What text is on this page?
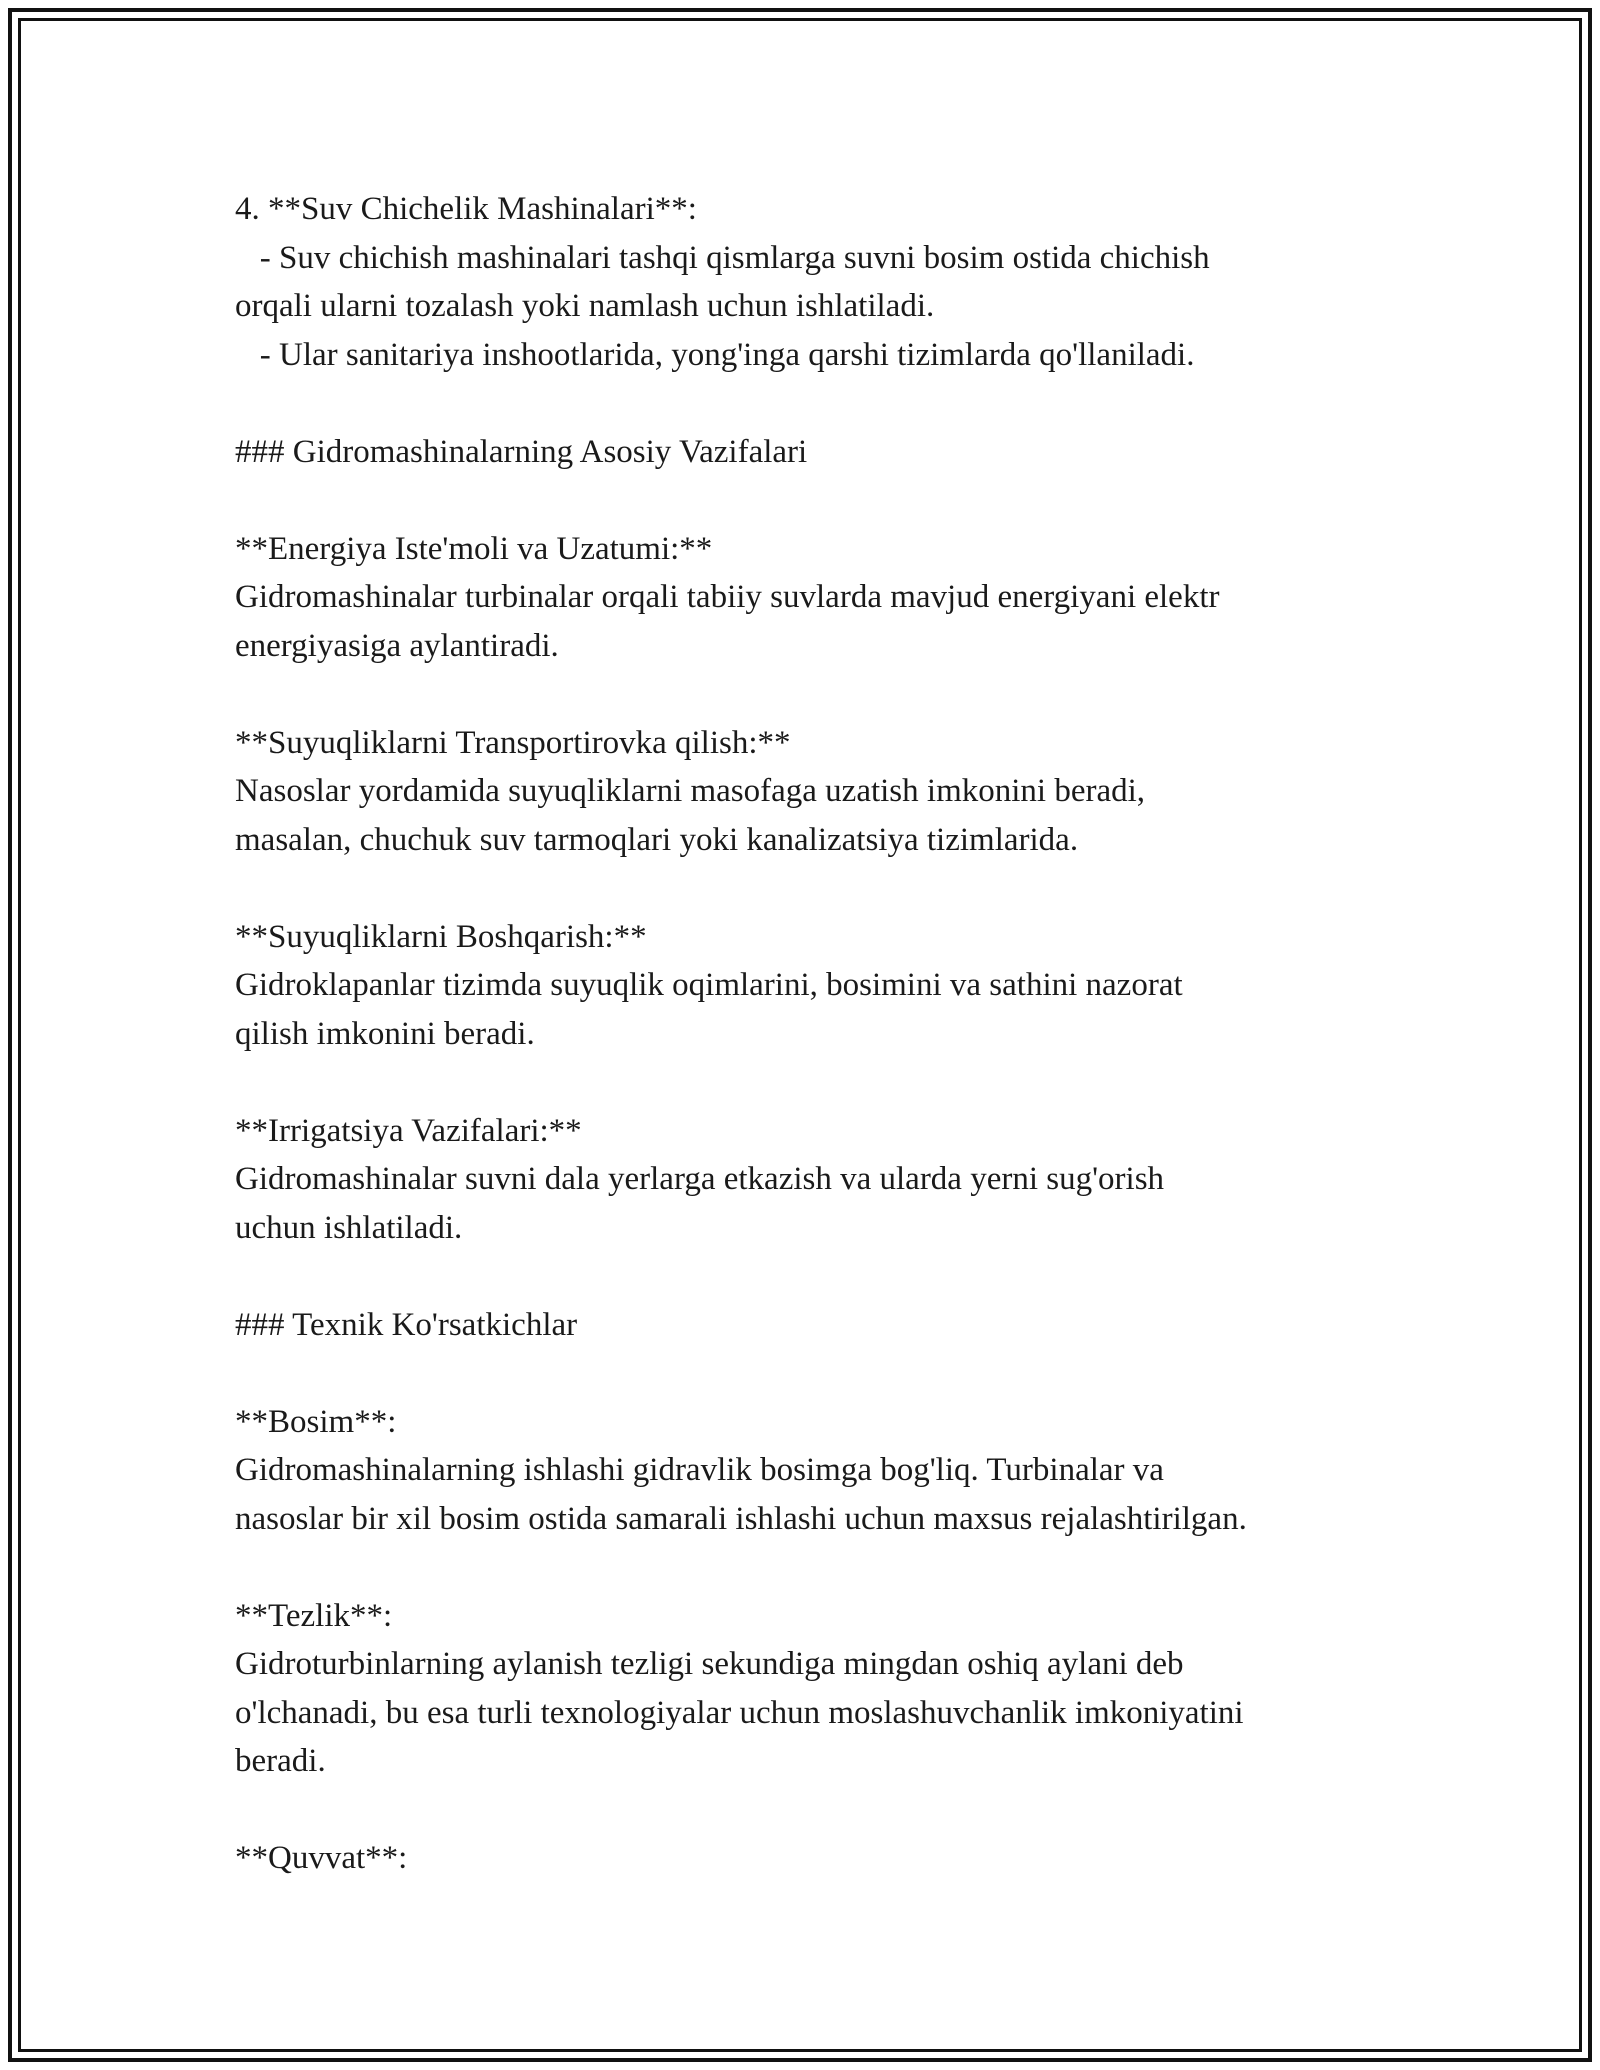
4. **Suv Chichelik Mashinalari**:

- Suv chichish mashinalari tashqi qismlarga suvni bosim ostida chichish

orqali ularni tozalash yoki namlash uchun ishlatiladi.

- Ular sanitariya inshootlarida, yong'inga qarshi tizimlarda qo'llaniladi.

### Gidromashinalarning Asosiy Vazifalari

**Energiya Iste'moli va Uzatumi:**

Gidromashinalar turbinalar orqali tabiiy suvlarda mavjud energiyani elektr

energiyasiga aylantiradi.

**Suyuqliklarni Transportirovka qilish:**

Nasoslar yordamida suyuqliklarni masofaga uzatish imkonini beradi,

masalan, chuchuk suv tarmoqlari yoki kanalizatsiya tizimlarida.

**Suyuqliklarni Boshqarish:**

Gidroklapanlar tizimda suyuqlik oqimlarini, bosimini va sathini nazorat

qilish imkonini beradi.

**Irrigatsiya Vazifalari:**

Gidromashinalar suvni dala yerlarga etkazish va ularda yerni sug'orish

uchun ishlatiladi.

### Texnik Ko'rsatkichlar

**Bosim**:

Gidromashinalarning ishlashi gidravlik bosimga bog'liq. Turbinalar va

nasoslar bir xil bosim ostida samarali ishlashi uchun maxsus rejalashtirilgan.

**Tezlik**:

Gidroturbinlarning aylanish tezligi sekundiga mingdan oshiq aylani deb

o'lchanadi, bu esa turli texnologiyalar uchun moslashuvchanlik imkoniyatini

beradi.

**Quvvat**:
